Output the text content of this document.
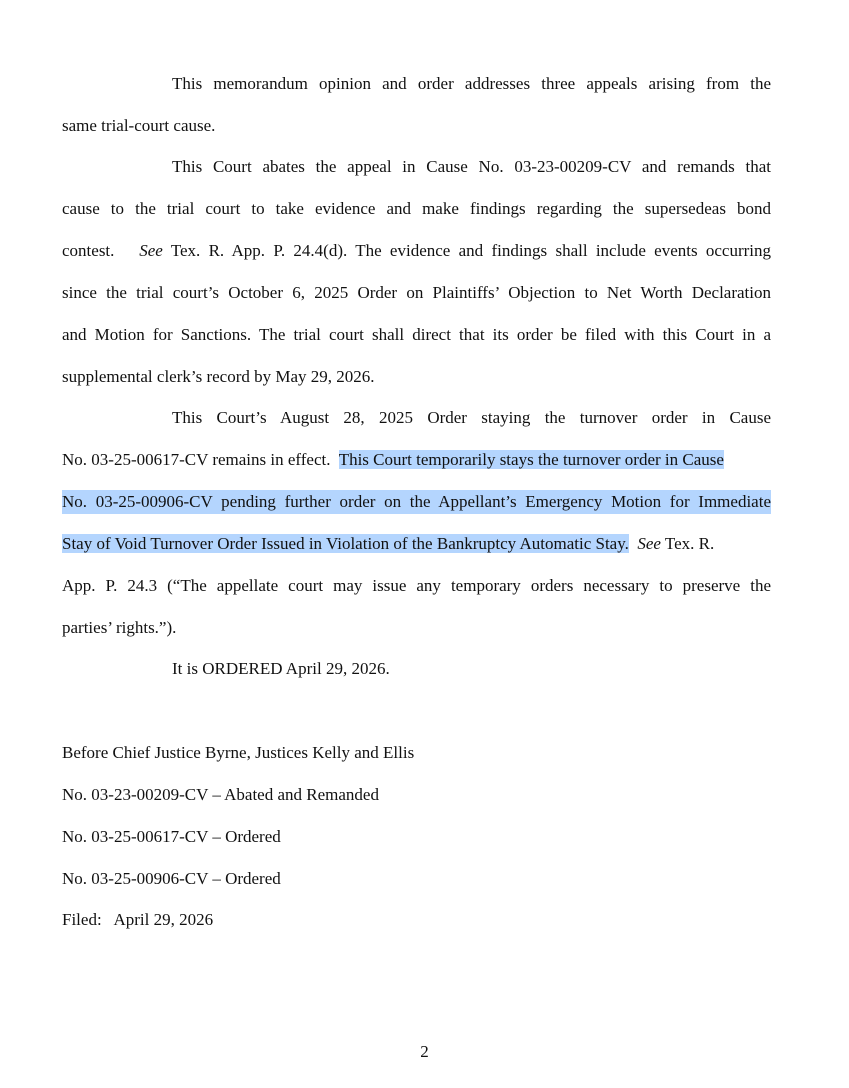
This memorandum opinion and order addresses three appeals arising from the
same trial-court cause.
This Court abates the appeal in Cause No. 03-23-00209-CV and remands that
cause to the trial court to take evidence and make findings regarding the supersedeas bond
contest. See Tex. R. App. P. 24.4(d). The evidence and findings shall include events occurring
since the trial court’s October 6, 2025 Order on Plaintiffs’ Objection to Net Worth Declaration
and Motion for Sanctions. The trial court shall direct that its order be filed with this Court in a
supplemental clerk’s record by May 29, 2026.
This Court’s August 28, 2025 Order staying the turnover order in Cause
No. 03-25-00617-CV remains in effect.  This Court temporarily stays the turnover order in Cause
No. 03-25-00906-CV pending further order on the Appellant’s Emergency Motion for Immediate
Stay of Void Turnover Order Issued in Violation of the Bankruptcy Automatic Stay. See Tex. R.
App. P. 24.3 (“The appellate court may issue any temporary orders necessary to preserve the
parties’ rights.”).
It is ORDERED April 29, 2026.
Before Chief Justice Byrne, Justices Kelly and Ellis
No. 03-23-00209-CV – Abated and Remanded
No. 03-25-00617-CV – Ordered
No. 03-25-00906-CV – Ordered
Filed:   April 29, 2026
2
